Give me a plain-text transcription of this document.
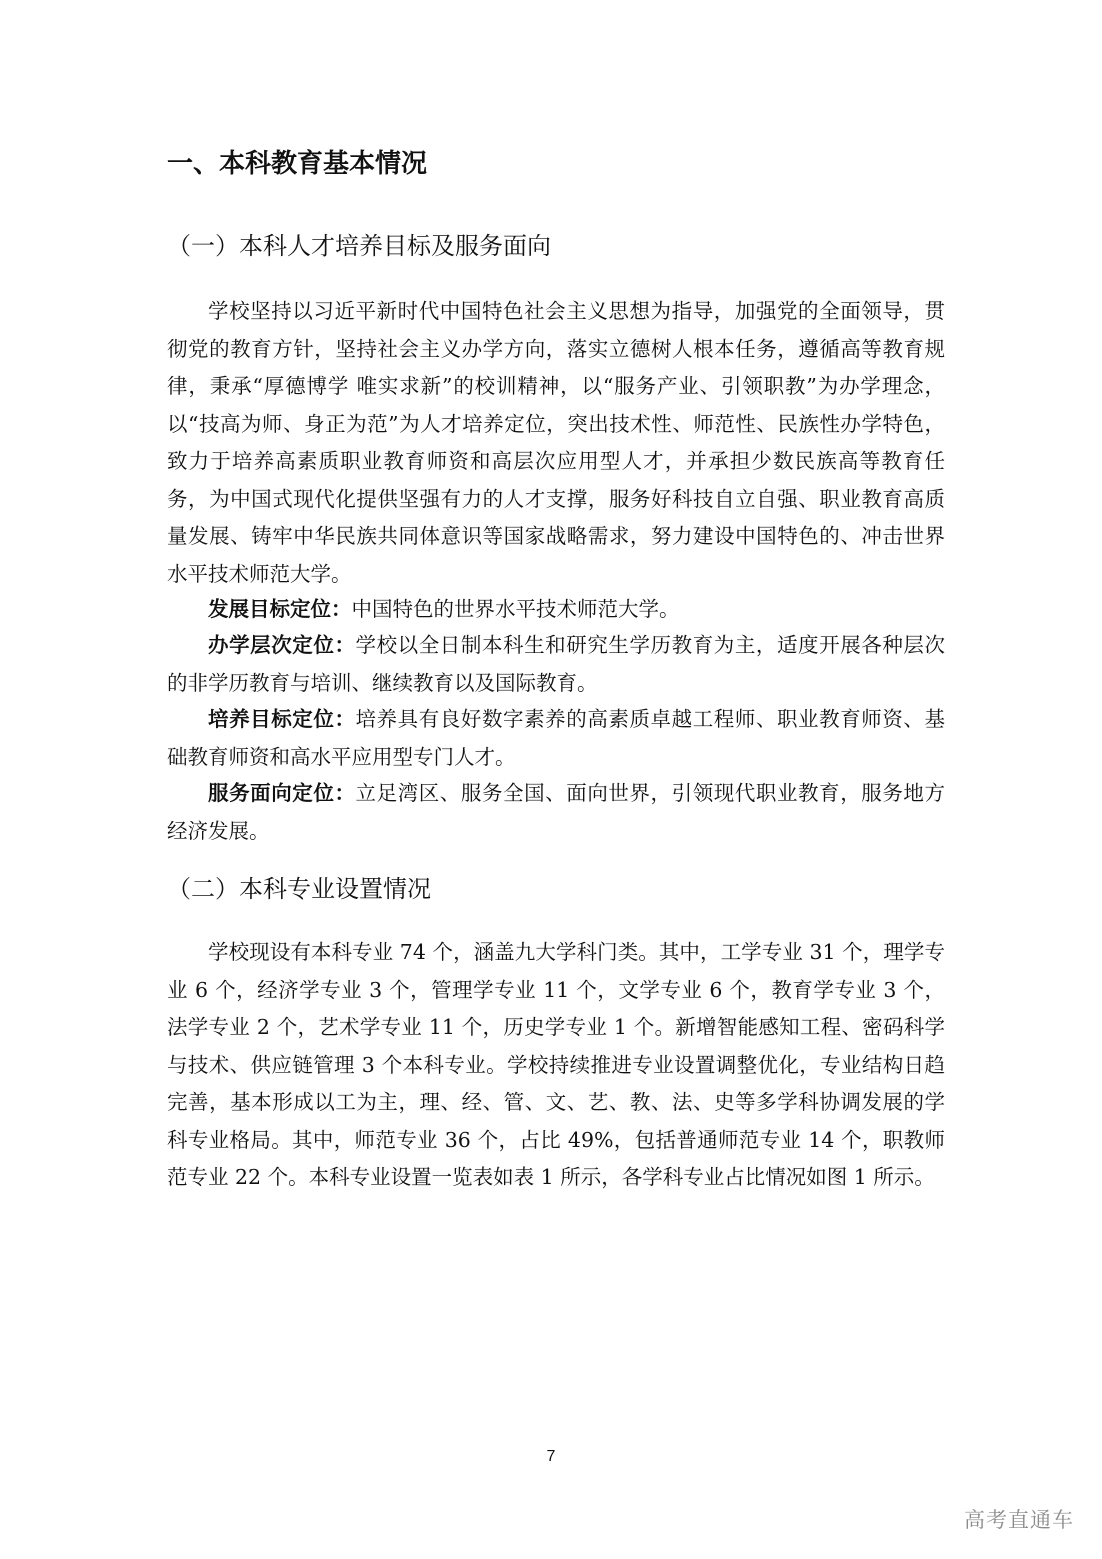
一、本科教育基本情况
（一）本科人才培养目标及服务面向

学校坚持以习近平新时代中国特色社会主义思想为指导，加强党的全面领导，贯彻党的教育方针，坚持社会主义办学方向，落实立德树人根本任务，遵循高等教育规律，秉承“厚德博学 唯实求新”的校训精神，以“服务产业、引领职教”为办学理念，以“技高为师、身正为范”为人才培养定位，突出技术性、师范性、民族性办学特色，致力于培养高素质职业教育师资和高层次应用型人才，并承担少数民族高等教育任务，为中国式现代化提供坚强有力的人才支撑，服务好科技自立自强、职业教育高质量发展、铸牢中华民族共同体意识等国家战略需求，努力建设中国特色的、冲击世界水平技术师范大学。

发展目标定位：中国特色的世界水平技术师范大学。

办学层次定位：学校以全日制本科生和研究生学历教育为主，适度开展各种层次的非学历教育与培训、继续教育以及国际教育。

培养目标定位：培养具有良好数字素养的高素质卓越工程师、职业教育师资、基础教育师资和高水平应用型专门人才。

服务面向定位：立足湾区、服务全国、面向世界，引领现代职业教育，服务地方经济发展。

（二）本科专业设置情况

学校现设有本科专业 74 个，涵盖九大学科门类。其中，工学专业 31 个，理学专业 6 个，经济学专业 3 个，管理学专业 11 个，文学专业 6 个，教育学专业 3 个，法学专业 2 个，艺术学专业 11 个，历史学专业 1 个。新增智能感知工程、密码科学与技术、供应链管理 3 个本科专业。学校持续推进专业设置调整优化，专业结构日趋完善，基本形成以工为主，理、经、管、文、艺、教、法、史等多学科协调发展的学科专业格局。其中，师范专业 36 个，占比 49%，包括普通师范专业 14 个，职教师范专业 22 个。本科专业设置一览表如表 1 所示，各学科专业占比情况如图 1 所示。

7
高考直通车
